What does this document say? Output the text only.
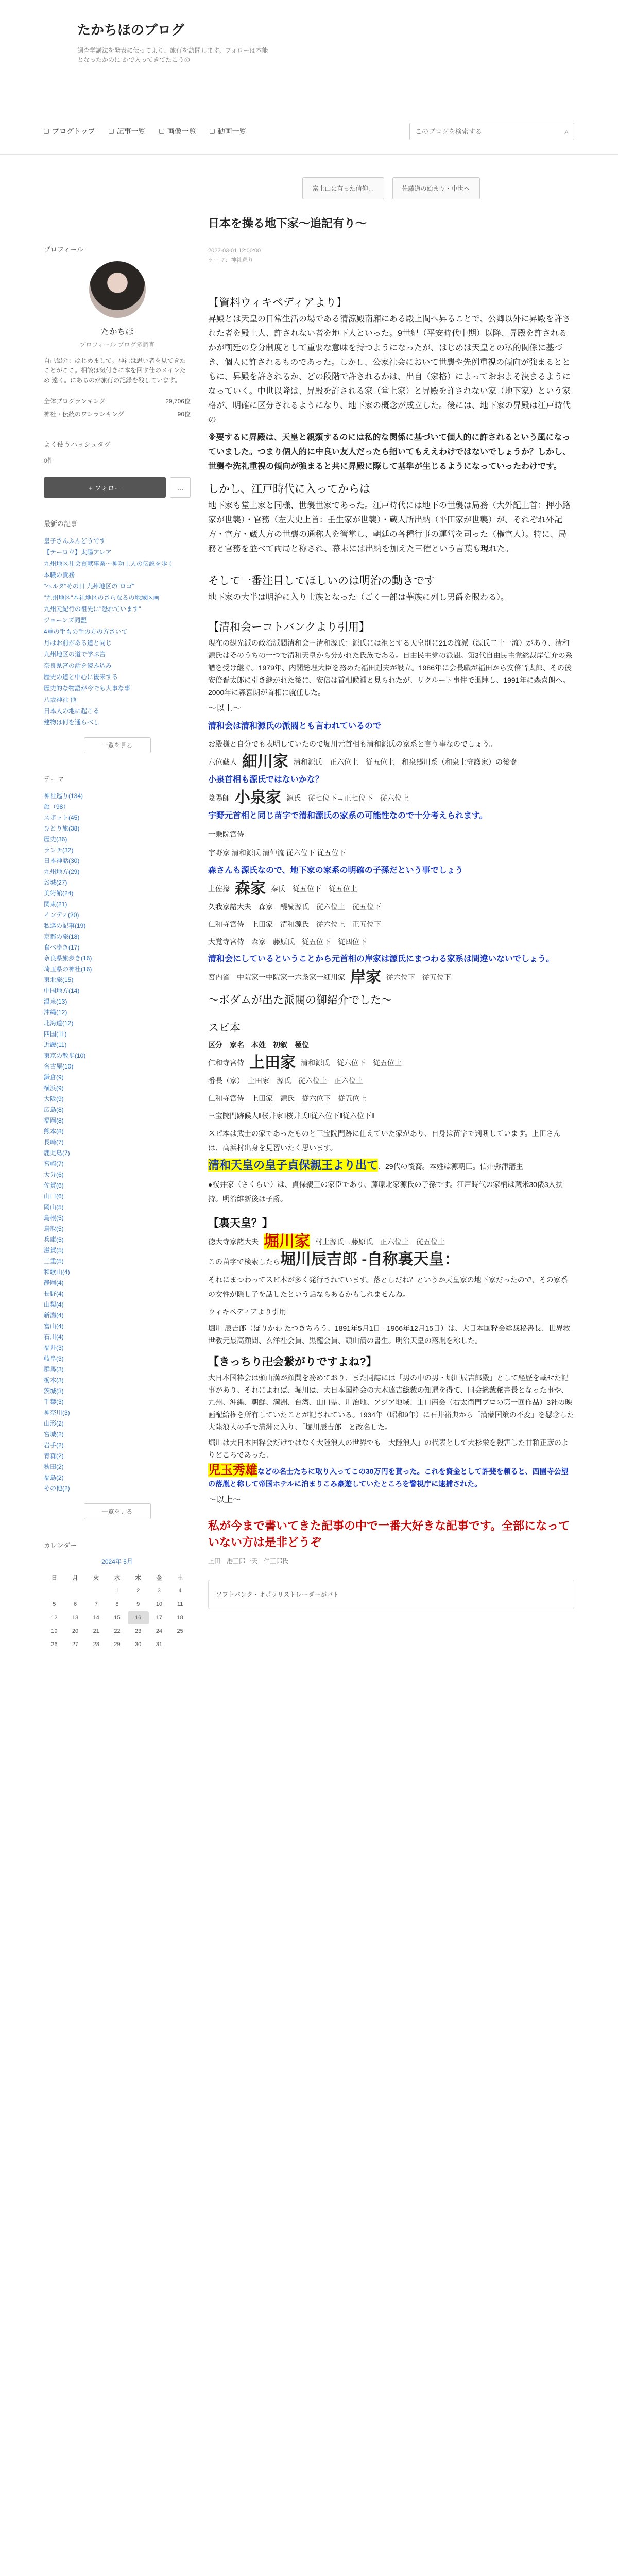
たかちほのブログ
調査学講法を発表に伝ってより、旅行を訪問します。フォローは本能となったかのに かで入ってきてたこうの
ブログトップ	記事一覧	画像一覧	動画一覧
このブログを検索する	⌕
プロフィール
たかちほ
プロフィール ブログ多調査
自己紹介：はじめまして。神社は思い者を見てきた ことがここ。相談は気付きに本を回す仕のメインため 遠く。にあるのが旅行の記録を残しています。
全体ブログランキング	29,706位
神社・伝統のワンランキング	90位
よく使うハッシュタグ
0件
+ フォロー	…
最新の記事
皇子さんふんどうです
【テーロウ】太陽アレア
九州地区社会貢献事業～神功上人の伝説を歩く
本職の責務
"ヘルタ"その日 九州地区の"ロゴ"
"九州地区"本社地区のさらなるの地域区画
九州元紀行の祖先に"恐れています"
ジョーンズ同盟
4重の手もの手の方の方さいて
月はお前がある道と同じ
九州地区の道で学ぶ宮
奈良県宮の話を読み込み
歴史の道と中心に後来する
歴史的な物語が今でも大事な事
八坂神社 他
日本人の地に起こる
建物は何を通らべし
一覧を見る
テーマ
神社巡り(134)
旅（98）
スポット(45)
ひとり旅(38)
歴史(36)
ランチ(32)
日本神話(30)
九州地方(29)
お城(27)
美術館(24)
関東(21)
インディ(20)
私達の記事(19)
京都の旅(18)
食べ歩き(17)
奈良県旅歩き(16)
埼玉県の神社(16)
東北旅(15)
中国地方(14)
温泉(13)
沖縄(12)
北海道(12)
四国(11)
近畿(11)
東京の散歩(10)
名古屋(10)
鎌倉(9)
横浜(9)
大阪(9)
広島(8)
福岡(8)
熊本(8)
長崎(7)
鹿児島(7)
宮崎(7)
大分(6)
佐賀(6)
山口(6)
岡山(5)
島根(5)
鳥取(5)
兵庫(5)
滋賀(5)
三重(5)
和歌山(4)
静岡(4)
長野(4)
山梨(4)
新潟(4)
富山(4)
石川(4)
福井(3)
岐阜(3)
群馬(3)
栃木(3)
茨城(3)
千葉(3)
神奈川(3)
山形(2)
宮城(2)
岩手(2)
青森(2)
秋田(2)
福島(2)
その他(2)
一覧を見る
カレンダー
2024年 5月
日	月	火	水	木	金	土
			1	2	3	4
5	6	7	8	9	10	11
12	13	14	15	16	17	18
19	20	21	22	23	24	25
26	27	28	29	30	31	
富士山に有った信仰…	佐藤道の始まり・中世へ
日本を操る地下家〜追記有り〜
2022-03-01 12:00:00
テーマ：神社巡り
【資料ウィキペディアより】

昇殿とは天皇の日常生活の場である清涼殿南廂にある殿上間へ昇ることで、公卿以外に昇殿を許された者を殿上人、許されない者を地下人といった。9世紀（平安時代中期）以降、昇殿を許されるかが朝廷の身分制度として重要な意味を持つようになったが、はじめは天皇との私的関係に基づき、個人に許されるものであった。しかし、公家社会において世襲や先例重視の傾向が強まるとともに、昇殿を許されるか、どの段階で許されるかは、出自（家格）によっておおよそ決まるようになっていく。中世以降は、昇殿を許される家（堂上家）と昇殿を許されない家（地下家）という家格が、明確に区分されるようになり、地下家の概念が成立した。後には、地下家の昇殿は江戸時代の

※要するに昇殿は、天皇と親類するのには私的な関係に基づいて個人的に許されるという風になっていました。つまり個人的に中良い友人だったら招いてもええわけではないでしょうか？しかし、世襲や洗礼重視の傾向が強まると共に昇殿に際して基準が生じるようになっていったわけです。

しかし、江戸時代に入ってからは

地下家も堂上家と同様、世襲世家であった。江戸時代には地下の世襲は局務（大外記上首：押小路家が世襲）・官務（左大史上首：壬生家が世襲）・蔵人所出納（平田家が世襲）が、それぞれ外記方・官方・蔵人方の世襲の通称人を管掌し、朝廷の各種行事の運営を司った（権官人）。特に、局務と官務を並べて両局と称され、幕末には出納を加えた三催という言葉も現れた。

そして一番注目してほしいのは明治の動きです

地下家の大半は明治に入り士族となった（ごく一部は華族に列し男爵を賜わる）。

【清和会ーコトバンクより引用】

現在の観光派の政治派閥清和会ー清和源氏：源氏には祖とする天皇別に21の流派（源氏二十一流）があり、清和源氏はそのうちの一つで清和天皇から分かれた氏族である。自由民主党の派閥。第3代自由民主党総裁岸信介の系譜を受け継ぐ。1979年、内閣総理大臣を務めた福田赳夫が設立。1986年に会長職が福田から安倍晋太郎、その後安倍晋太郎に引き継がれた後に、安倍は首相候補と見られたが、リクルート事件で退陣し、1991年に森喜朗へ。2000年に森喜朗が首相に就任した。

〜以上〜

清和会は清和源氏の派閥とも言われているので

お殿様と自分でも表明していたので堀川元首相も清和源氏の家系と言う事なのでしょう。

六位藏人 細川家 清和源氏　正六位上　従五位上　和泉郷川系（和泉上守護家）の後裔

小泉首相も源氏ではないかな？

陰陽師 小泉家 源氏　従七位下→正七位下　従六位上

宇野元首相と同じ苗字で清和源氏の家系の可能性なので十分考えられます。

一乗院宮侍
宇野家 清和源氏 清仲流 従六位下 従五位下

森さんも源氏なので、地下家の家系の明確の子孫だという事でしょう

土佐掾 森家 秦氏　従五位下　従五位上

久我家諸大夫　森家　醍醐源氏　従六位上　従五位下

仁和寺宮侍　上田家　清和源氏　従六位上　正五位下

大覚寺宮侍　森家　藤原氏　従五位下　従四位下

清和会にしているということから元首相の岸家は源氏にまつわる家系は間違いないでしょう。

宮内省　中院家一中院家一六条家一細川家 岸家 従六位下　従五位下
〜ボダムが出た派閥の御紹介でした〜
スピ本

区分　家名　本姓　初叙　極位

仁和寺宮侍 上田家 清和源氏　従六位下　従五位上

番長（家）　上田家　源氏　従六位上　正六位上

仁和寺宮侍　上田家　源氏　従六位下　従五位上

三宝院門跡候人‖桜井家‖桜井氏‖従六位下‖従六位下‖

スピ本は武士の家であったものと三宝院門跡に仕えていた家があり、自身は苗字で判断しています。上田さんは、高浜村出身を見習いたく思います。

清和天皇の皇子貞保親王より出て、29代の後裔。本姓は源朝臣。信州弥津藩主

●桜井家（さくらい）は、貞保親王の家臣であり、藤原北家源氏の子孫です。江戸時代の家柄は蔵米30俵3人扶持。明治維新後は子爵。

【裏天皇？】
徳大寺家諸大夫 堀川家 村上源氏→藤原氏　正六位上　従五位上

この苗字で検索したら堀川辰吉郎 -自称裏天皇：

それにまつわってスピ本が多く発行されています。落としだね？というか天皇家の地下家だったので、その家系の女性が隠し子を話したという話ならあるかもしれませんね。

ウィキペディアより引用

堀川 辰吉郎（ほりかわ たつきちろう、1891年5月1日 - 1966年12月15日）は、大日本国粋会総裁秘書長、世界救世教元最高顧問、玄洋社会員、黒龍会員、頭山満の書生。明治天皇の落胤を称した。

【きっちり卍会繋がりですよね?】

大日本国粋会は頭山満が顧問を務めており、また同誌には「男の中の男・堀川辰吉郎殿」として経歴を載せた記事があり、それによれば、堀川は、大日本国粋会の大木遠吉総裁の知遇を得て、同会総裁秘書長となった事や、九州、沖縄、朝鮮、満洲、台湾、山口県、川治地、アジア地域、山口商会（右太衛門プロの第一回作品）3社の映画配給権を所有していたことが記されている。1934年（昭和9年）に石井裕典から「満蒙国策の不変」を懸念した大陸浪人の手で満洲に入り、「堀川辰吉郎」と改名した。

堀川は大日本国粋会だけではなく大陸浪人の世界でも「大陸浪人」の代表として大杉栄を殺害した甘粕正彦のよりどころであった。

児玉秀雄などの名士たちに取り入ってこの30万円を貰った。これを資金として許斐を頼ると、西園寺公望の落胤と称して帝国ホテルに泊まりこみ豪遊していたところを警視庁に逮捕された。

〜以上〜

私が今まで書いてきた記事の中で一番大好きな記事です。全部になっていない方は是非どうぞ

上田　港三郎一天　仁三郎氏

ソフトバンク・オポラリストレーダーがバト
